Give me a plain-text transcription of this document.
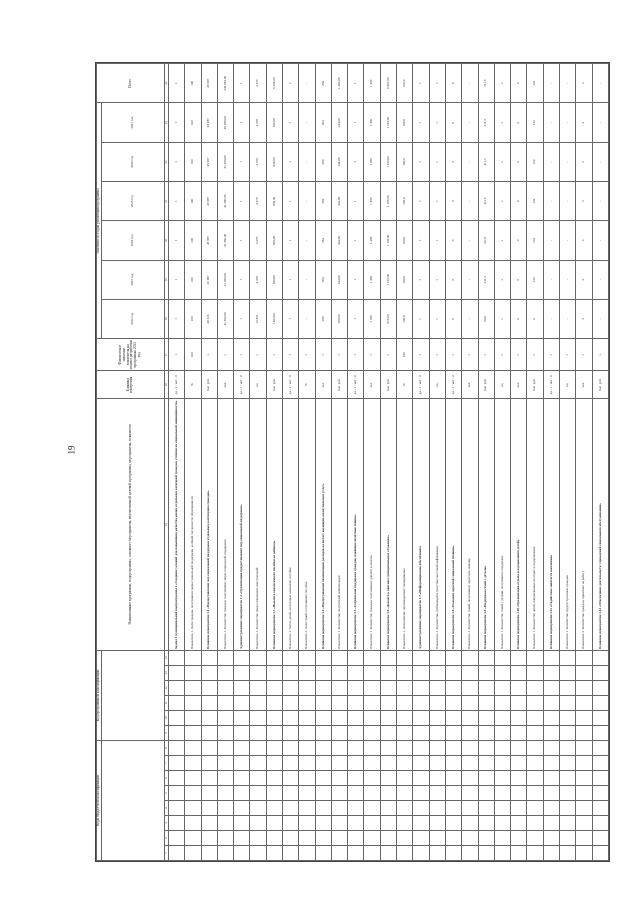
19
Коды бюджетной классификации								Код программной классификации						Наименование программы, подпрограммы, основного мероприятия, ведомственной целевой программы, мероприятия, показателя	Единица измерения	Фактическое значение показателя на момент разработки программы 2021 год	Значения по годам реализации программы						Итого
																	2022 год	2023 год	2024 год	2025 год	2026 год	2027 год	
1	2	3	4	5	6	7	8	9	10	11	12	13	14	15	16	17	18	19	20	21	22	23	24
														Задача 1 муниципальной подпрограммы 1 «Создание условий для повышения качества жизни отдельных категорий граждан, степени их социальной защищенности»	да - 1 / нет - 0	1	1	1	1	1	1	1	1
														Показатель 1. Доля граждан, получивших меры социальной поддержки, в общей численности обратившихся	%	100	100	100	100	100	100	100	100
														Основное мероприятие 1.1 «Предоставление мер социальной поддержки отдельным категориям граждан»	тыс. руб.	х	48 323	45 987	45 987	45 987	45 987	45 987	45 987
														Показатель 1. Количество граждан, получивших меры социальной поддержки	чел.	х	41 362,00	41 260,00	41 260,00	41 260,00	41 260,00	40 260,00	246 962,00
														Административное мероприятие 1.2 «Организация предоставления мер социальной поддержки»	да - 1 / нет - 0	1	1	1	1	1	1	1	1
														Показатель 1. Количество предоставленных консультаций	ед.	х	12 831	4 370	4 370	4 370	4 370	4 370	4 370
														Основное мероприятие 1.3 «Выплата ежемесячного пособия на ребенка»	тыс. руб.	х	1 402,00	838,00	838,00	838,00	838,00	838,00	6 239,00
														Показатель 1. Число детей, на которых назначено пособие	да - 1 / нет - 0	1	1	1	1	1	1	1	1
														Показатель 2. Доля семей, получивших пособие	%	х	-	-	-	-	-	-	-
														Основное мероприятие 1.4 «Предоставление компенсации расходов на оплату жилищно-коммунальных услуг»	чел.	х	260	264	264	264	264	264	264
														Показатель 1. Количество получателей компенсации	тыс. руб.	х	100,00	244,00	244,00	244,00	244,00	244,00	1 463,00
														Основное мероприятие 1.5 «Социальная поддержка граждан, имеющих почетные звания»	да - 1 / нет - 0	1	1	1	1	1	1	1	1
														Показатель 1. Количество граждан, получающих доплату к пенсии	чел.	х	1 336	1 466	1 466	1 466	1 466	1 466	1 466
														Основное мероприятие 1.6 «Доплата к пенсиям муниципальных служащих»	тыс. руб.	х	875,00	1 165,00	1 165,00	1 165,00	1 165,00	1 165,00	6 987,00
														Показатель 1. Доля выплат, произведенных своевременно	%	100	100,0	100,0	100,0	100,0	100,0	100,0	100,0
														Административное мероприятие 1.7 «Информационное обеспечение»	да - 1 / нет - 0	1	х	х	х	х	х	х	х
														Показатель 1. Количество публикаций в средствах массовой информации	ед.	х	х	х	х	х	х	х	х
														Основное мероприятие 1.8 «Оказание адресной социальной помощи»	да - 1 / нет - 0	х	0	0	0	0	0	0	0
														Показатель 1. Количество семей, получивших адресную помощь	чел.	х	-	-	-	-	-	-	-
														Основное мероприятие 1.9 «Поддержка семей с детьми»	тыс. руб.	х	0,00	311,5	311,5	311,5	311,5	311,5	311,5
														Показатель 1. Количество семей с детьми, получивших поддержку	ед.	х	х	х	х	х	х	х	х
														Основное мероприятие 1.10 «Организация отдыха и оздоровления детей»	чел.	х	0	0	0	0	0	0	0
														Показатель 1. Количество детей, направленных на отдых и оздоровление	тыс. руб.	х	0	132	132	132	132	132	132
														Основное мероприятие 1.11 «Содействие занятости населения»	да - 1 / нет - 0	х	-	-	-	-	-	-	-
														Показатель 1. Количество трудоустроенных граждан	ед.	х	-	-	-	-	-	-	-
														Показатель 2. Количество граждан, принятых на работу	чел.	х	3	3	3	3	3	3	3
														Основное мероприятие 1.12 «Обеспечение деятельности учреждений социального обслуживания»	тыс. руб.	х	-	-	-	-	-	-	-
